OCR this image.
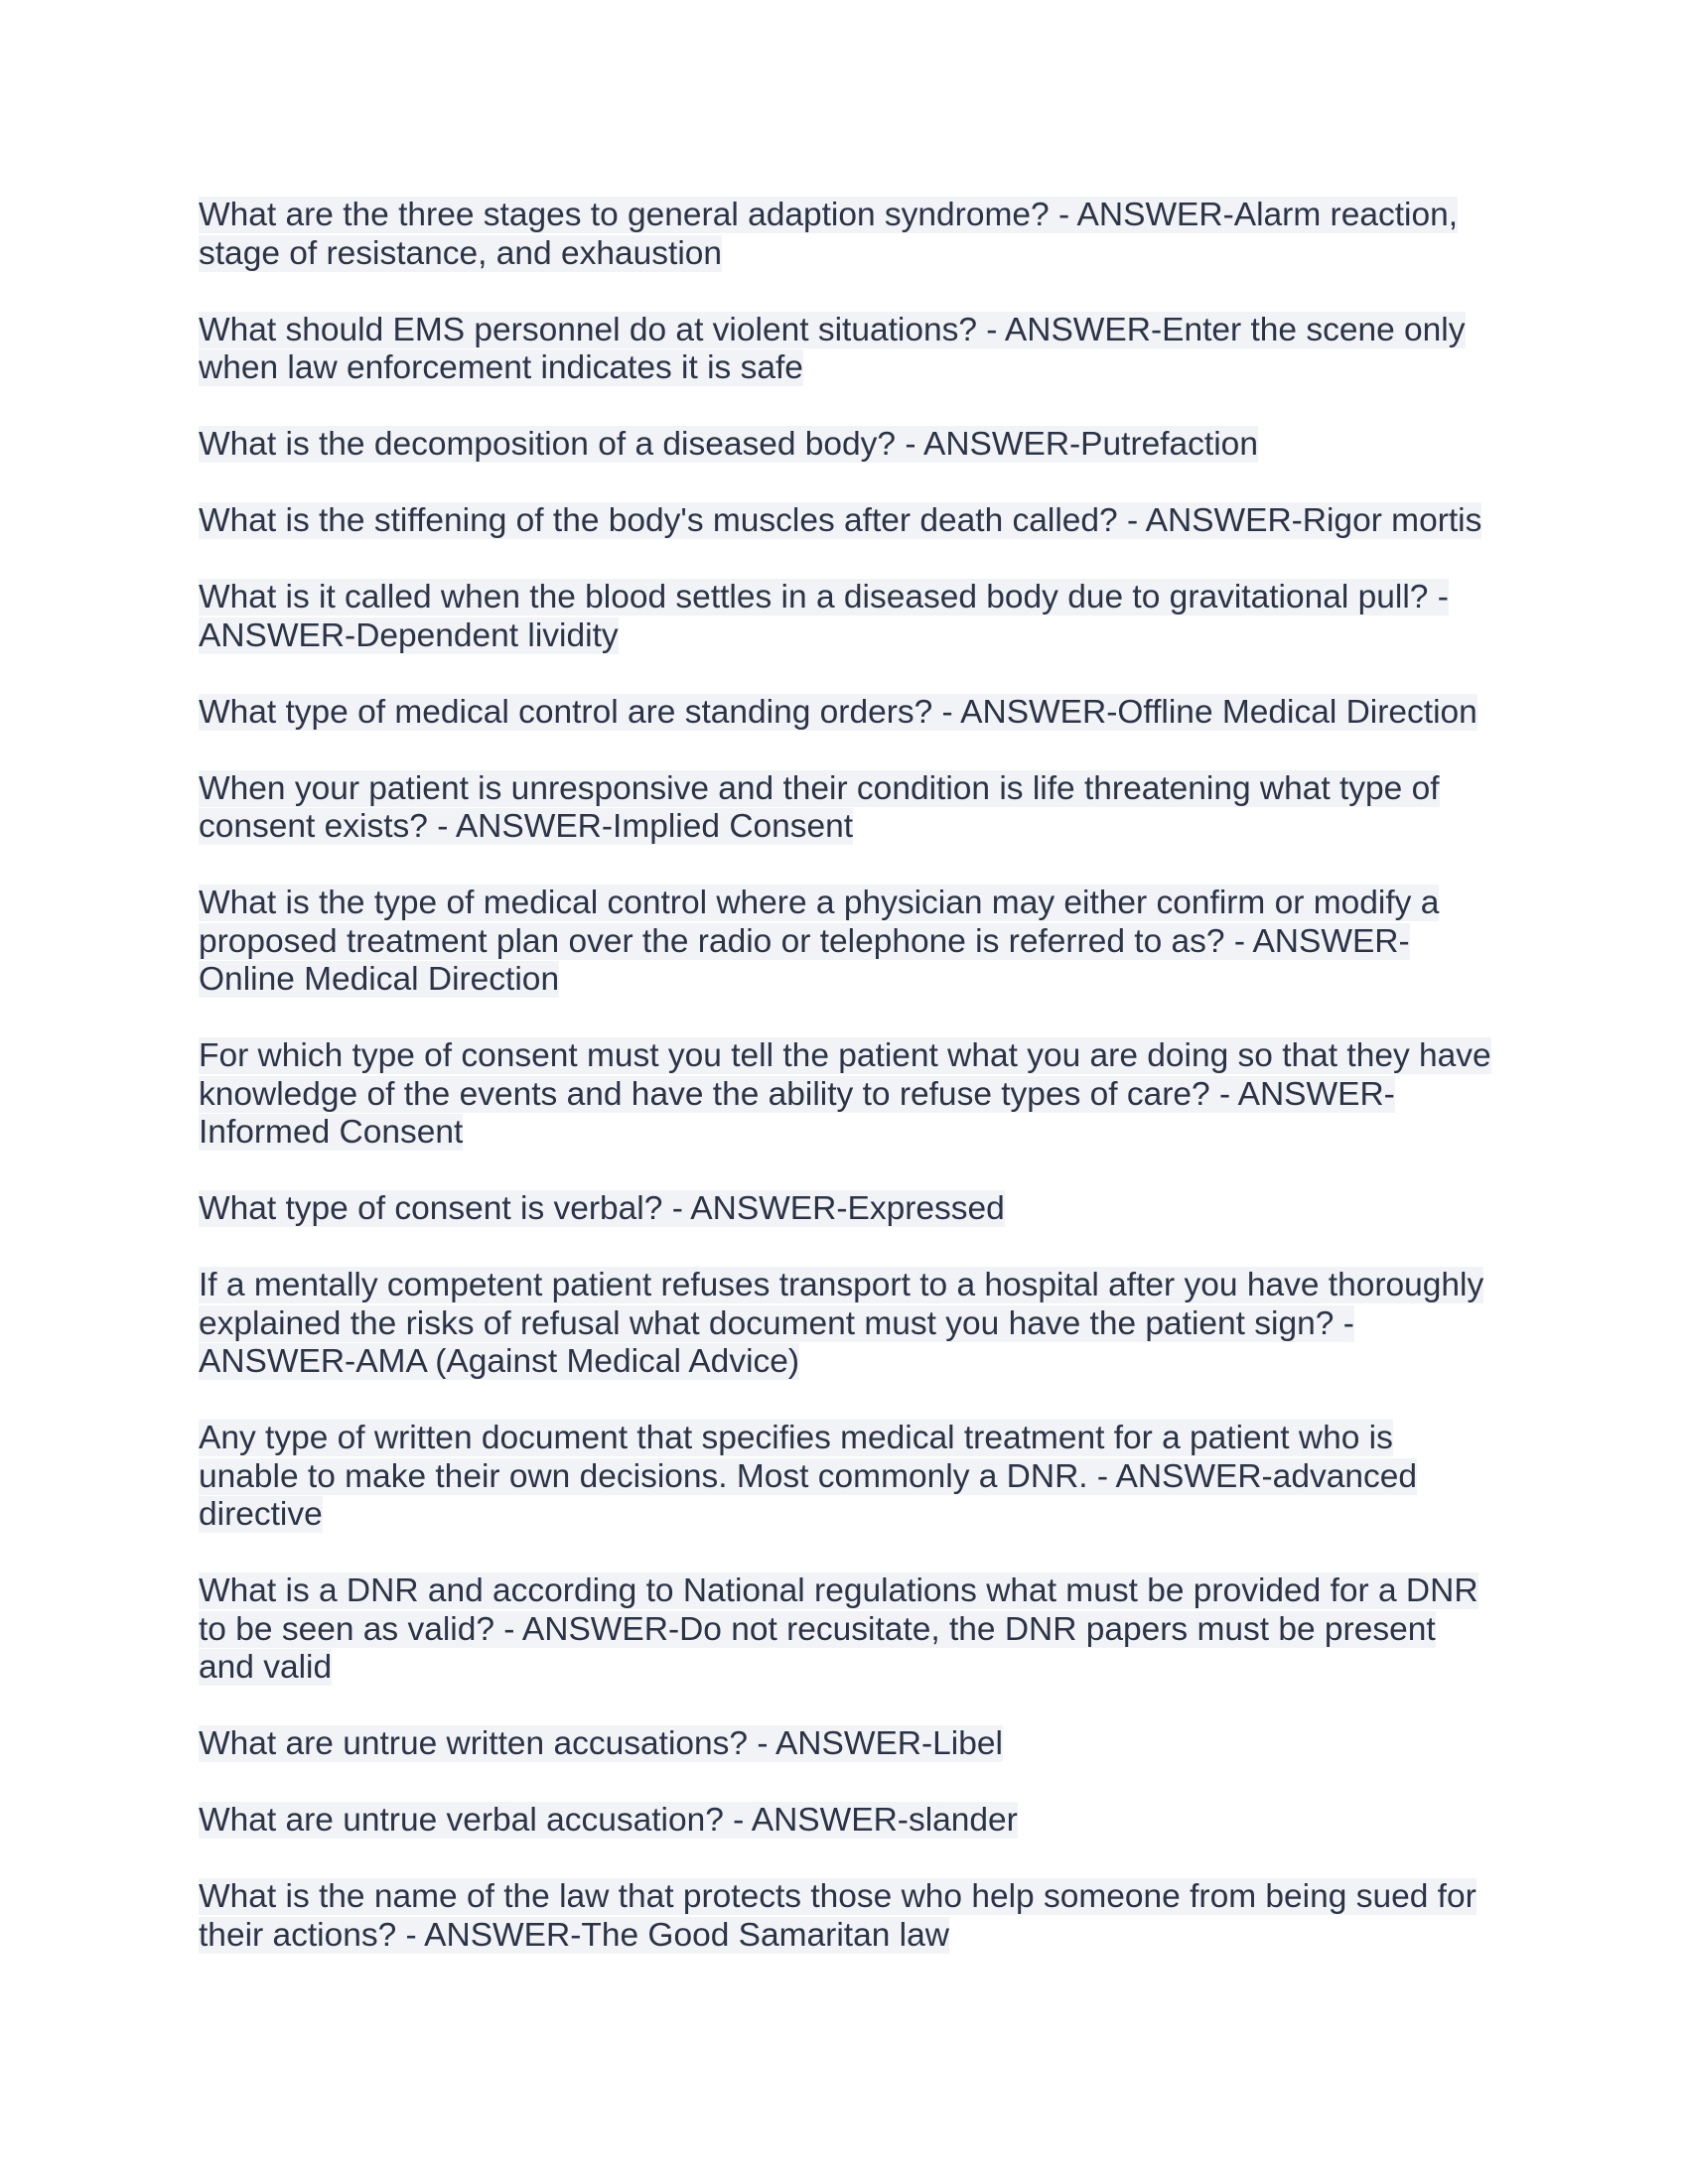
What are the three stages to general adaption syndrome? - ANSWER-Alarm reaction,
stage of resistance, and exhaustion

What should EMS personnel do at violent situations? - ANSWER-Enter the scene only
when law enforcement indicates it is safe

What is the decomposition of a diseased body? - ANSWER-Putrefaction

What is the stiffening of the body's muscles after death called? - ANSWER-Rigor mortis

What is it called when the blood settles in a diseased body due to gravitational pull? -
ANSWER-Dependent lividity

What type of medical control are standing orders? - ANSWER-Offline Medical Direction

When your patient is unresponsive and their condition is life threatening what type of
consent exists? - ANSWER-Implied Consent

What is the type of medical control where a physician may either confirm or modify a
proposed treatment plan over the radio or telephone is referred to as? - ANSWER-
Online Medical Direction

For which type of consent must you tell the patient what you are doing so that they have
knowledge of the events and have the ability to refuse types of care? - ANSWER-
Informed Consent

What type of consent is verbal? - ANSWER-Expressed

If a mentally competent patient refuses transport to a hospital after you have thoroughly
explained the risks of refusal what document must you have the patient sign? -
ANSWER-AMA (Against Medical Advice)

Any type of written document that specifies medical treatment for a patient who is
unable to make their own decisions. Most commonly a DNR. - ANSWER-advanced
directive

What is a DNR and according to National regulations what must be provided for a DNR
to be seen as valid? - ANSWER-Do not recusitate, the DNR papers must be present
and valid

What are untrue written accusations? - ANSWER-Libel

What are untrue verbal accusation? - ANSWER-slander

What is the name of the law that protects those who help someone from being sued for
their actions? - ANSWER-The Good Samaritan law
